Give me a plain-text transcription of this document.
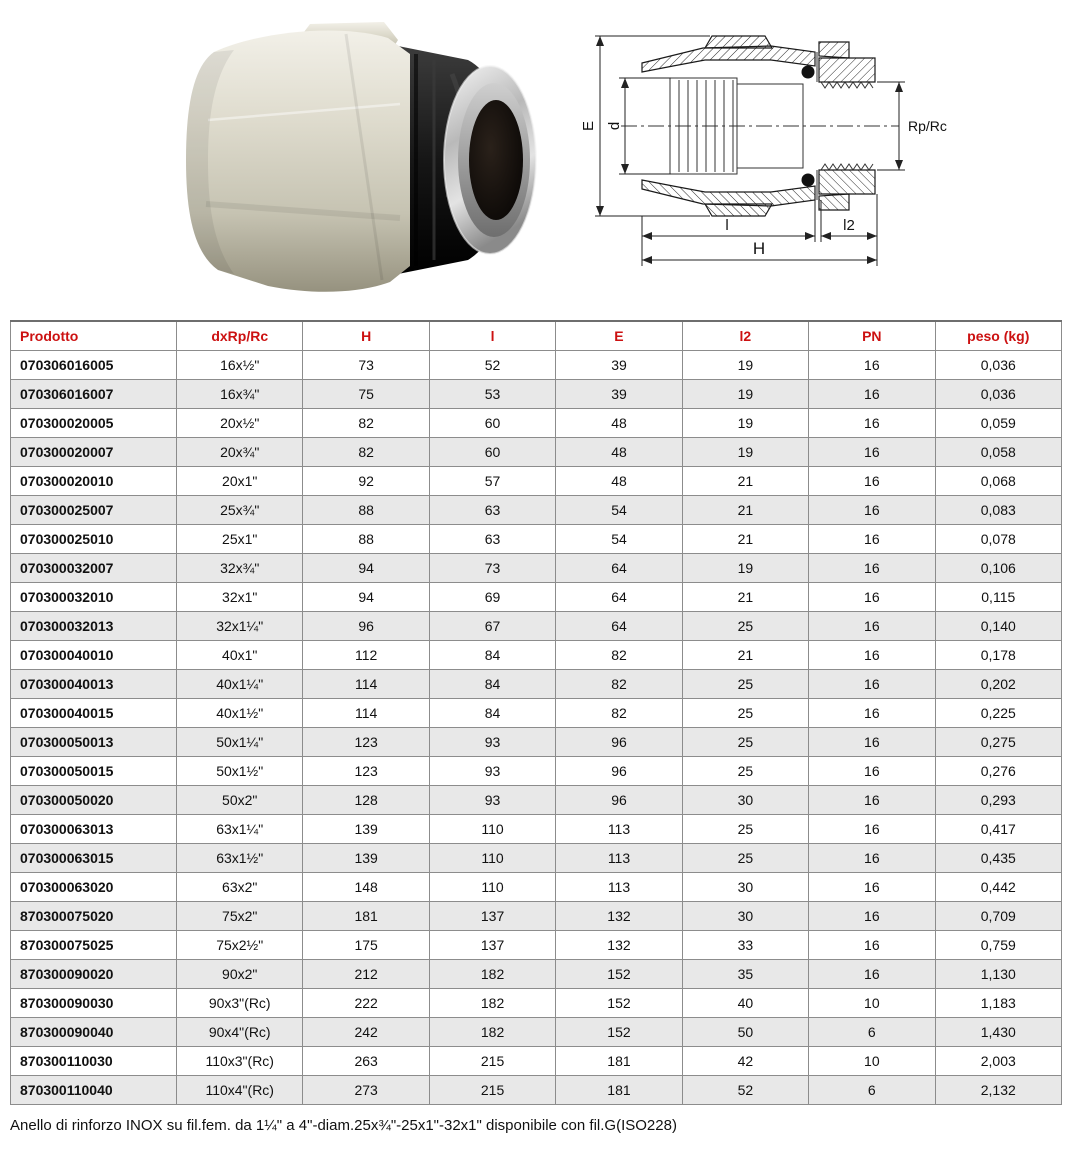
E d	Rp/Rc
l	l2
H
Prodotto	dxRp/Rc	H	l	E	l2	PN	peso (kg)
070306016005	16x½"	73	52	39	19	16	0,036
070306016007	16x¾"	75	53	39	19	16	0,036
070300020005	20x½"	82	60	48	19	16	0,059
070300020007	20x¾"	82	60	48	19	16	0,058
070300020010	20x1"	92	57	48	21	16	0,068
070300025007	25x¾"	88	63	54	21	16	0,083
070300025010	25x1"	88	63	54	21	16	0,078
070300032007	32x¾"	94	73	64	19	16	0,106
070300032010	32x1"	94	69	64	21	16	0,115
070300032013	32x1¼"	96	67	64	25	16	0,140
070300040010	40x1"	112	84	82	21	16	0,178
070300040013	40x1¼"	114	84	82	25	16	0,202
070300040015	40x1½"	114	84	82	25	16	0,225
070300050013	50x1¼"	123	93	96	25	16	0,275
070300050015	50x1½"	123	93	96	25	16	0,276
070300050020	50x2"	128	93	96	30	16	0,293
070300063013	63x1¼"	139	110	113	25	16	0,417
070300063015	63x1½"	139	110	113	25	16	0,435
070300063020	63x2"	148	110	113	30	16	0,442
870300075020	75x2"	181	137	132	30	16	0,709
870300075025	75x2½"	175	137	132	33	16	0,759
870300090020	90x2"	212	182	152	35	16	1,130
870300090030	90x3"(Rc)	222	182	152	40	10	1,183
870300090040	90x4"(Rc)	242	182	152	50	6	1,430
870300110030	110x3"(Rc)	263	215	181	42	10	2,003
870300110040	110x4"(Rc)	273	215	181	52	6	2,132

Anello di rinforzo INOX su fil.fem. da 1¼" a 4"-diam.25x¾"-25x1"-32x1" disponibile con fil.G(ISO228)
